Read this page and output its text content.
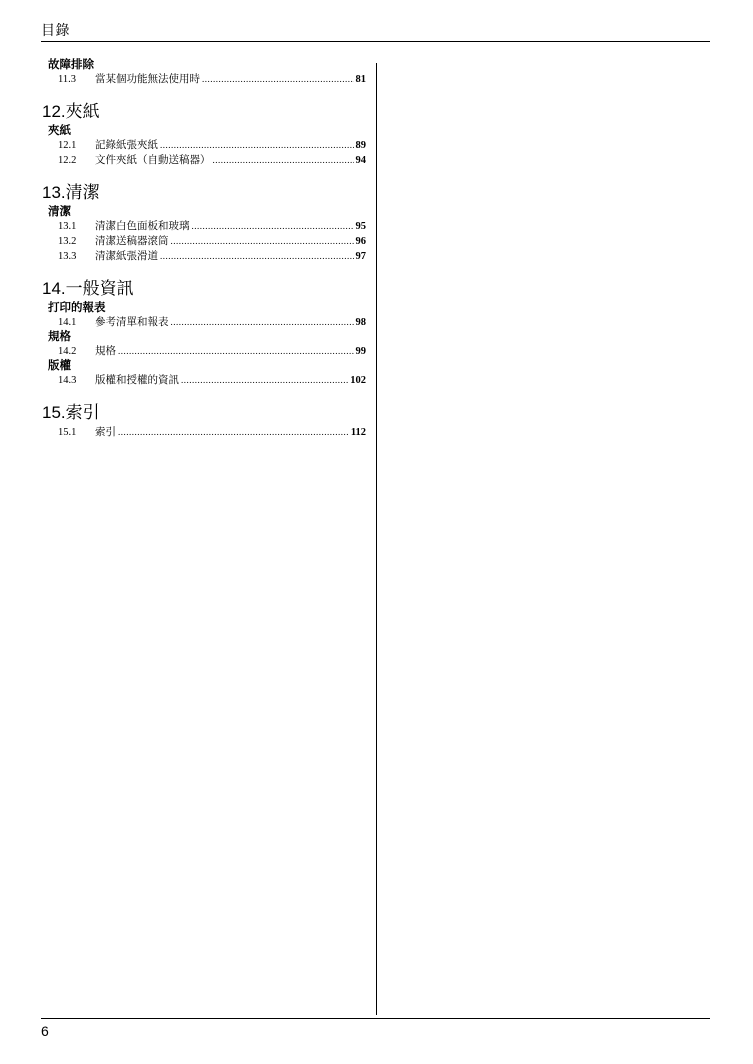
目錄
故障排除
11.3	當某個功能無法使用時 .....	81
12.夾紙
夾紙
12.1	記錄紙張夾紙 .....	89
12.2	文件夾紙（自動送稿器） .....	94
13.清潔
清潔
13.1	清潔白色面板和玻璃 .....	95
13.2	清潔送稿器滾筒 .....	96
13.3	清潔紙張滑道 .....	97
14.一般資訊
打印的報表
14.1	參考清單和報表 .....	98
規格
14.2	規格 .....	99
版權
14.3	版權和授權的資訊 .....	102
15.索引
15.1	索引 .....	112
6
